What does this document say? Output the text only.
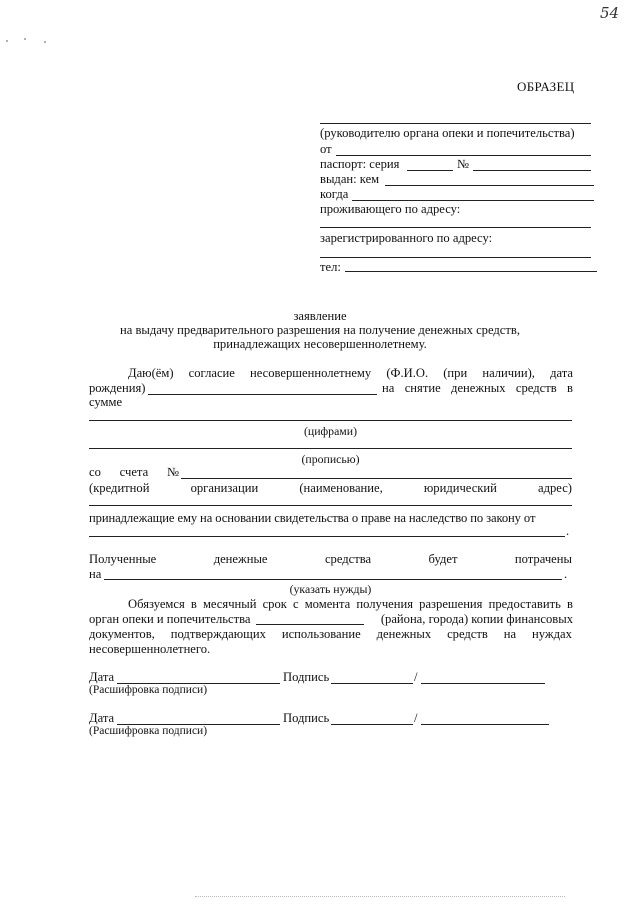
54
ОБРАЗЕЦ
(руководителю органа опеки и попечительства)
от
паспорт: серия	№
выдан: кем
когда
проживающего по адресу:
зарегистрированного по адресу:
тел:
заявление
на выдачу предварительного разрешения на получение денежных средств,
принадлежащих несовершеннолетнему.
Даю(ём) согласие несовершеннолетнему (Ф.И.О. (при наличии), дата
рождения)	на снятие денежных средств в
сумме
(цифрами)
(прописью)
со счета №
(кредитной	организации	(наименование,	юридический	адрес)
принадлежащие ему на основании свидетельства о праве на наследство по закону от
.
Полученные	денежные	средства	будет	потрачены
на	.
(указать нужды)
Обязуемся в месячный срок с момента получения разрешения предоставить в
орган опеки и попечительства	(района, города) копии финансовых
документов, подтверждающих использование денежных средств на нуждах
несовершеннолетнего.
Дата	Подпись	/
(Расшифровка подписи)
Дата	Подпись	/
(Расшифровка подписи)
